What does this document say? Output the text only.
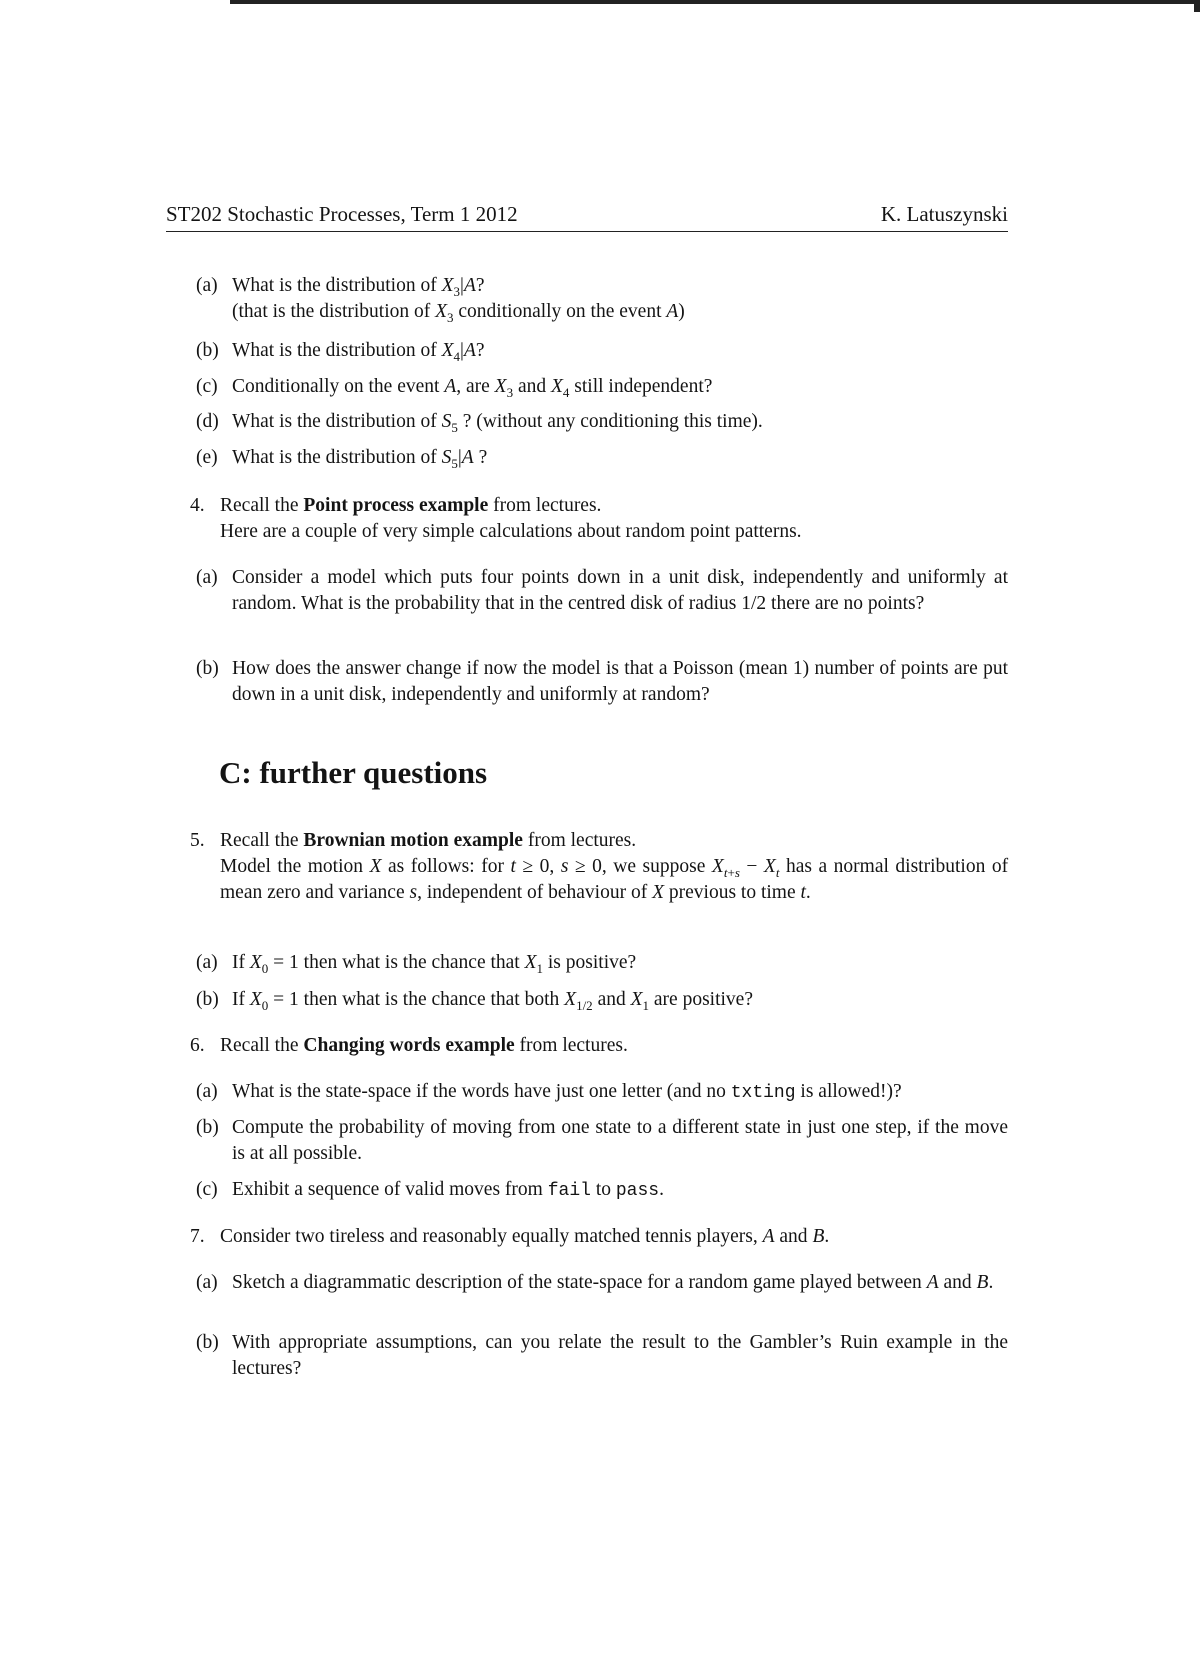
ST202 Stochastic Processes, Term 1 2012	K. Latuszynski
(a) What is the distribution of $X_3|A$?
(that is the distribution of $X_3$ conditionally on the event A)
(b) What is the distribution of $X_4|A$?
(c) Conditionally on the event A, are $X_3$ and $X_4$ still independent?
(d) What is the distribution of $S_5$ ? (without any conditioning this time).
(e) What is the distribution of $S_5|A$ ?
4. Recall the Point process example from lectures.
Here are a couple of very simple calculations about random point patterns.
(a) Consider a model which puts four points down in a unit disk, independently and uniformly at random. What is the probability that in the centred disk of radius 1/2 there are no points?
(b) How does the answer change if now the model is that a Poisson (mean 1) number of points are put down in a unit disk, independently and uniformly at random?
C: further questions
5. Recall the Brownian motion example from lectures.
Model the motion X as follows: for t ≥ 0, s ≥ 0, we suppose $X_{t+s} - X_t$ has a normal distribution of mean zero and variance s, independent of behaviour of X previous to time t.
(a) If $X_0 = 1$ then what is the chance that $X_1$ is positive?
(b) If $X_0 = 1$ then what is the chance that both $X_{1/2}$ and $X_1$ are positive?
6. Recall the Changing words example from lectures.
(a) What is the state-space if the words have just one letter (and no txting is allowed!)?
(b) Compute the probability of moving from one state to a different state in just one step, if the move is at all possible.
(c) Exhibit a sequence of valid moves from fail to pass.
7. Consider two tireless and reasonably equally matched tennis players, A and B.
(a) Sketch a diagrammatic description of the state-space for a random game played between A and B.
(b) With appropriate assumptions, can you relate the result to the Gambler’s Ruin example in the lectures?
